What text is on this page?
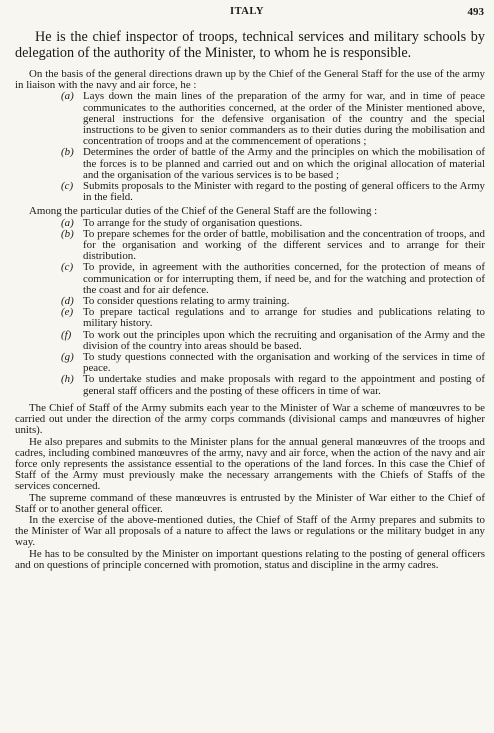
ITALY	493
He is the chief inspector of troops, technical services and military schools by delegation of the authority of the Minister, to whom he is responsible.

On the basis of the general directions drawn up by the Chief of the General Staff for the use of the army in liaison with the navy and air force, he :

(a) Lays down the main lines of the preparation of the army for war, and in time of peace communicates to the authorities concerned, at the order of the Minister mentioned above, general instructions for the defensive organisation of the country and the special instructions to be given to senior commanders as to their duties during the mobilisation and concentration of troops and at the commencement of operations ;
(b) Determines the order of battle of the Army and the principles on which the mobilisation of the forces is to be planned and carried out and on which the original allocation of material and the organisation of the various services is to be based ;
(c) Submits proposals to the Minister with regard to the posting of general officers to the Army in the field.

Among the particular duties of the Chief of the General Staff are the following :

(a) To arrange for the study of organisation questions.
(b) To prepare schemes for the order of battle, mobilisation and the concentration of troops, and for the organisation and working of the different services and to arrange for their distribution.
(c) To provide, in agreement with the authorities concerned, for the protection of means of communication or for interrupting them, if need be, and for the watching and protection of the coast and for air defence.
(d) To consider questions relating to army training.
(e) To prepare tactical regulations and to arrange for studies and publications relating to military history.
(f)	To work out the principles upon which the recruiting and organisation of the Army and the division of the country into areas should be based.
(g) To study questions connected with the organisation and working of the services in time of peace.
(h) To undertake studies and make proposals with regard to the appointment and posting of general staff officers and the posting of these officers in time of war.

The Chief of Staff of the Army submits each year to the Minister of War a scheme of manœuvres to be carried out under the direction of the army corps commands (divisional camps and manœuvres of higher units).

He also prepares and submits to the Minister plans for the annual general manœuvres of the troops and cadres, including combined manœuvres of the army, navy and air force, when the action of the navy and air force only represents the assistance essential to the operations of the land forces. In this case the Chief of Staff of the Army must previously make the necessary arrangements with the Chiefs of Staffs of the services concerned.

The supreme command of these manœuvres is entrusted by the Minister of War either to the Chief of Staff or to another general officer.

In the exercise of the above-mentioned duties, the Chief of Staff of the Army prepares and submits to the Minister of War all proposals of a nature to affect the laws or regulations or the military budget in any way.

He has to be consulted by the Minister on important questions relating to the posting of general officers and on questions of principle concerned with promotion, status and discipline in the army cadres.
